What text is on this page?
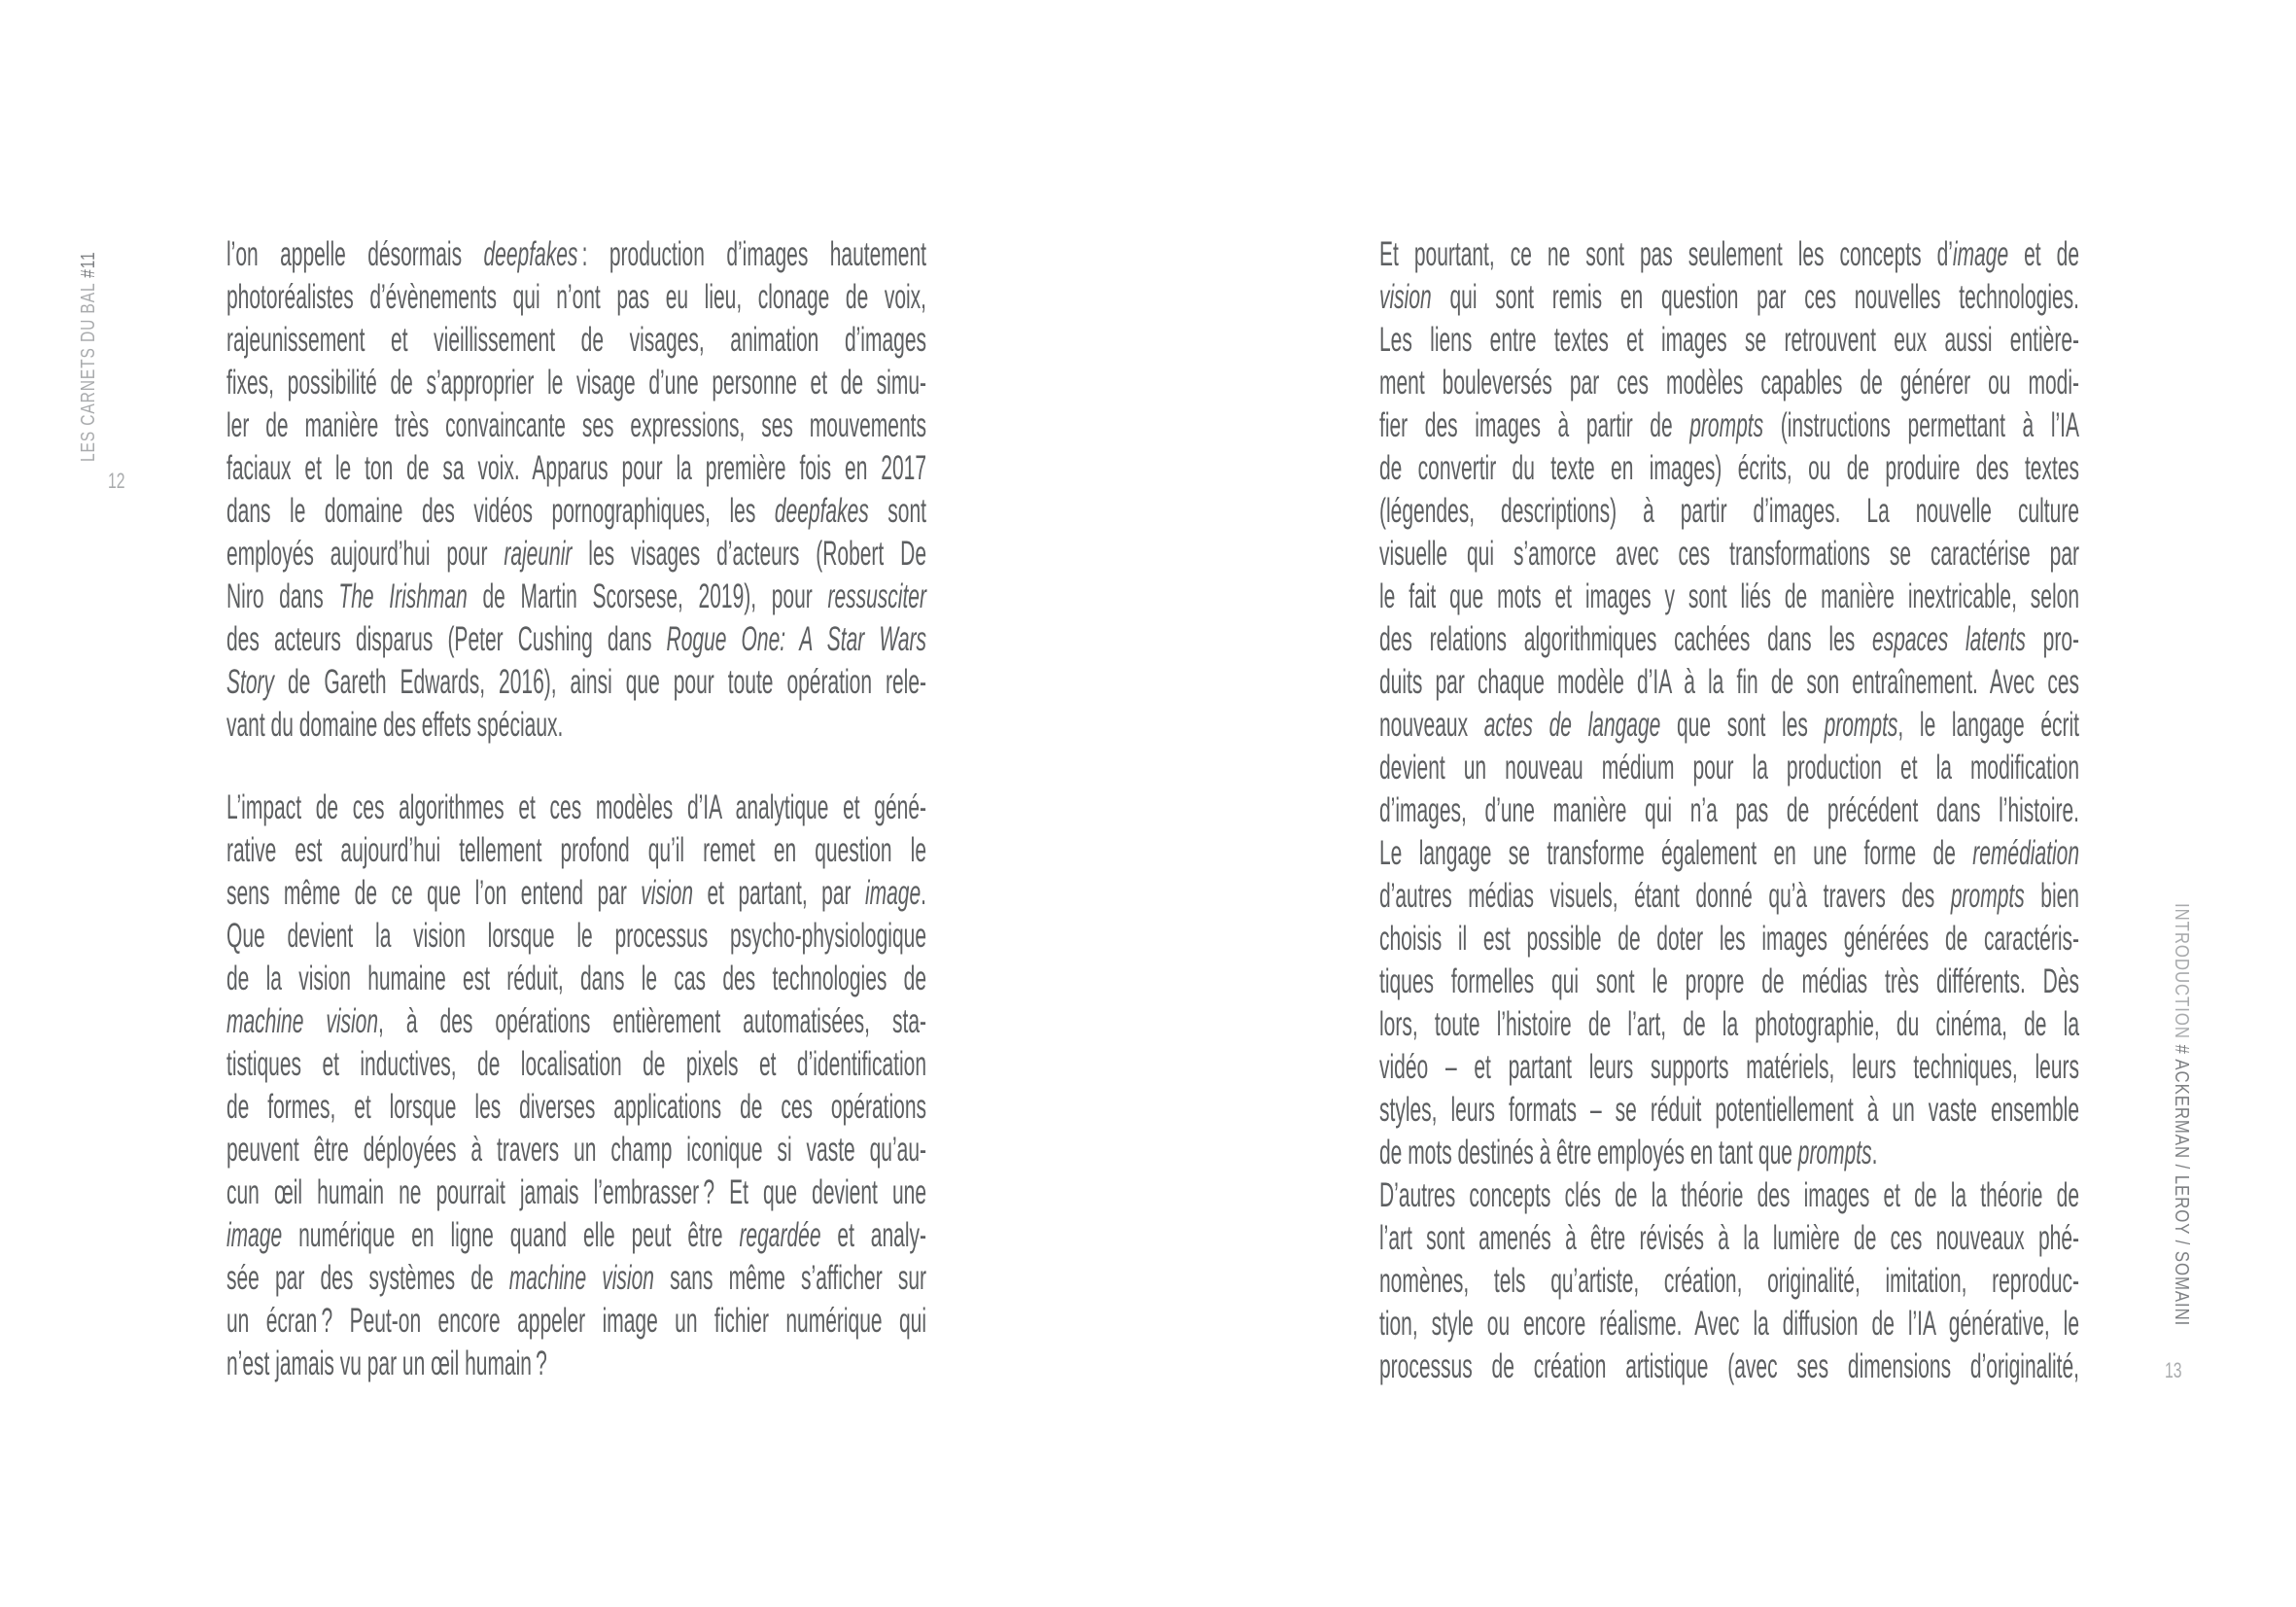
LES CARNETS DU BAL #11
12
l’on appelle désormais deepfakes : production d’images hautement
photoréalistes d’évènements qui n’ont pas eu lieu, clonage de voix,
rajeunissement et vieillissement de visages, animation d’images
fixes, possibilité de s’approprier le visage d’une personne et de simu-
ler de manière très convaincante ses expressions, ses mouvements
faciaux et le ton de sa voix. Apparus pour la première fois en 2017
dans le domaine des vidéos pornographiques, les deepfakes sont
employés aujourd’hui pour rajeunir les visages d’acteurs (Robert De
Niro dans The Irishman de Martin Scorsese, 2019), pour ressusciter
des acteurs disparus (Peter Cushing dans Rogue One: A Star Wars
Story de Gareth Edwards, 2016), ainsi que pour toute opération rele-
vant du domaine des effets spéciaux.
L’impact de ces algorithmes et ces modèles d’IA analytique et géné-
rative est aujourd’hui tellement profond qu’il remet en question le
sens même de ce que l’on entend par vision et partant, par image.
Que devient la vision lorsque le processus psycho-physiologique
de la vision humaine est réduit, dans le cas des technologies de
machine vision, à des opérations entièrement automatisées, sta-
tistiques et inductives, de localisation de pixels et d’identification
de formes, et lorsque les diverses applications de ces opérations
peuvent être déployées à travers un champ iconique si vaste qu’au-
cun œil humain ne pourrait jamais l’embrasser ? Et que devient une
image numérique en ligne quand elle peut être regardée et analy-
sée par des systèmes de machine vision sans même s’afficher sur
un écran ? Peut-on encore appeler image un fichier numérique qui
n’est jamais vu par un œil humain ?
Et pourtant, ce ne sont pas seulement les concepts d’image et de
vision qui sont remis en question par ces nouvelles technologies.
Les liens entre textes et images se retrouvent eux aussi entière-
ment bouleversés par ces modèles capables de générer ou modi-
fier des images à partir de prompts (instructions permettant à l’IA
de convertir du texte en images) écrits, ou de produire des textes
(légendes, descriptions) à partir d’images. La nouvelle culture
visuelle qui s’amorce avec ces transformations se caractérise par
le fait que mots et images y sont liés de manière inextricable, selon
des relations algorithmiques cachées dans les espaces latents pro-
duits par chaque modèle d’IA à la fin de son entraînement. Avec ces
nouveaux actes de langage que sont les prompts, le langage écrit
devient un nouveau médium pour la production et la modification
d’images, d’une manière qui n’a pas de précédent dans l’histoire.
Le langage se transforme également en une forme de remédiation
d’autres médias visuels, étant donné qu’à travers des prompts bien
choisis il est possible de doter les images générées de caractéris-
tiques formelles qui sont le propre de médias très différents. Dès
lors, toute l’histoire de l’art, de la photographie, du cinéma, de la
vidéo – et partant leurs supports matériels, leurs techniques, leurs
styles, leurs formats – se réduit potentiellement à un vaste ensemble
de mots destinés à être employés en tant que prompts.
D’autres concepts clés de la théorie des images et de la théorie de
l’art sont amenés à être révisés à la lumière de ces nouveaux phé-
nomènes, tels qu’artiste, création, originalité, imitation, reproduc-
tion, style ou encore réalisme. Avec la diffusion de l’IA générative, le
processus de création artistique (avec ses dimensions d’originalité,
INTRODUCTION # ACKERMAN / LEROY / SOMAINI
13
